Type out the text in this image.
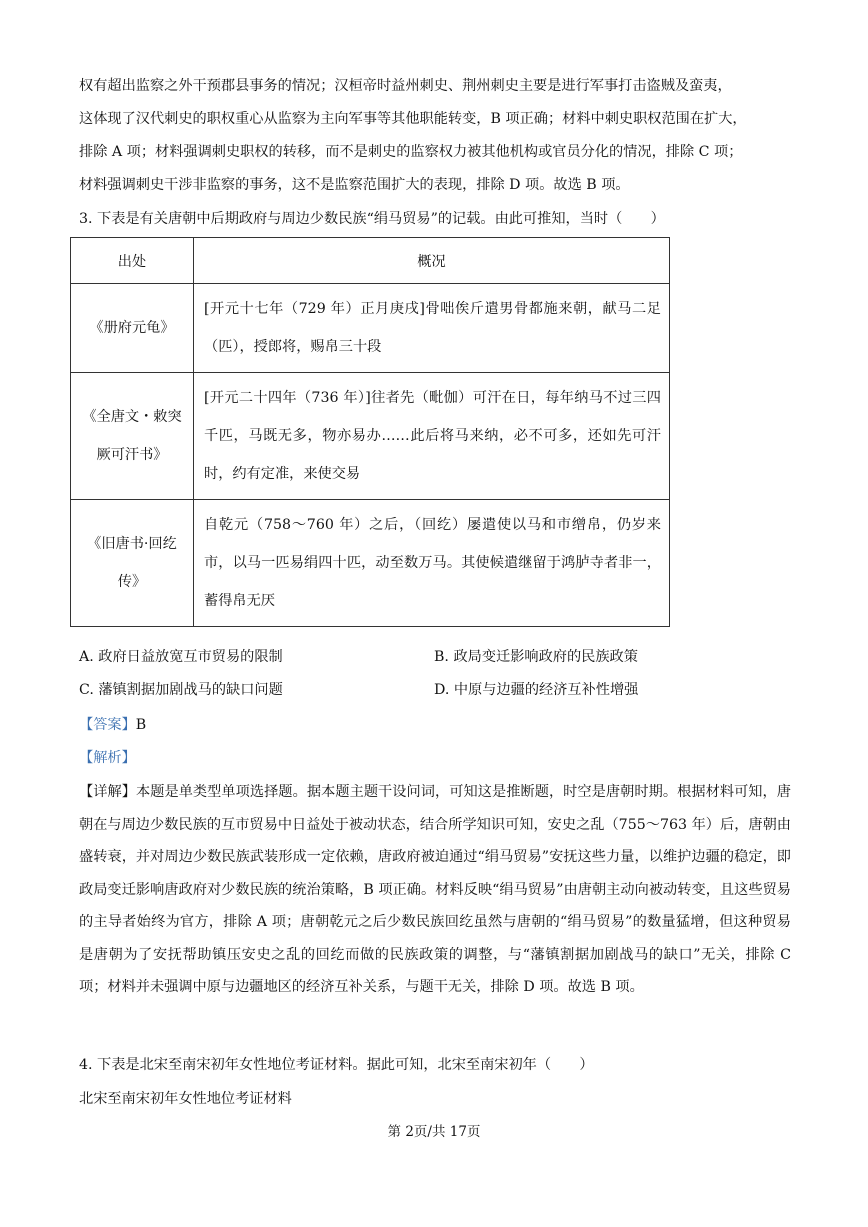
权有超出监察之外干预郡县事务的情况；汉桓帝时益州刺史、荆州刺史主要是进行军事打击盗贼及蛮夷，
这体现了汉代刺史的职权重心从监察为主向军事等其他职能转变，B 项正确；材料中刺史职权范围在扩大，
排除 A 项；材料强调刺史职权的转移，而不是刺史的监察权力被其他机构或官员分化的情况，排除 C 项；
材料强调刺史干涉非监察的事务，这不是监察范围扩大的表现，排除 D 项。故选 B 项。
3. 下表是有关唐朝中后期政府与周边少数民族“绢马贸易”的记载。由此可推知，当时（　　）
出处	概况
《册府元龟》	[开元十七年（729 年）正月庚戌]骨咄俟斤遣男骨都施来朝，献马二足（匹），授郎将，赐帛三十段
《全唐文・敕突厥可汗书》	[开元二十四年（736 年）]往者先（毗伽）可汗在日，每年纳马不过三四千匹，马既无多，物亦易办……此后将马来纳，必不可多，还如先可汗时，约有定准，来使交易
《旧唐书·回纥传》	自乾元（758～760 年）之后，（回纥）屡遣使以马和市缯帛，仍岁来市，以马一匹易绢四十匹，动至数万马。其使候遣继留于鸿胪寺者非一，蓄得帛无厌
A. 政府日益放宽互市贸易的限制	B. 政局变迁影响政府的民族政策
C. 藩镇割据加剧战马的缺口问题	D. 中原与边疆的经济互补性增强
【答案】B
【解析】
【详解】本题是单类型单项选择题。据本题主题干设问词，可知这是推断题，时空是唐朝时期。根据材料可知，唐朝在与周边少数民族的互市贸易中日益处于被动状态，结合所学知识可知，安史之乱（755～763 年）后，唐朝由盛转衰，并对周边少数民族武装形成一定依赖，唐政府被迫通过“绢马贸易”安抚这些力量，以维护边疆的稳定，即政局变迁影响唐政府对少数民族的统治策略，B 项正确。材料反映“绢马贸易”由唐朝主动向被动转变，且这些贸易的主导者始终为官方，排除 A 项；唐朝乾元之后少数民族回纥虽然与唐朝的“绢马贸易”的数量猛增，但这种贸易是唐朝为了安抚帮助镇压安史之乱的回纥而做的民族政策的调整，与“藩镇割据加剧战马的缺口”无关，排除 C 项；材料并未强调中原与边疆地区的经济互补关系，与题干无关，排除 D 项。故选 B 项。
4. 下表是北宋至南宋初年女性地位考证材料。据此可知，北宋至南宋初年（　　）
北宋至南宋初年女性地位考证材料
第 2页/共 17页
